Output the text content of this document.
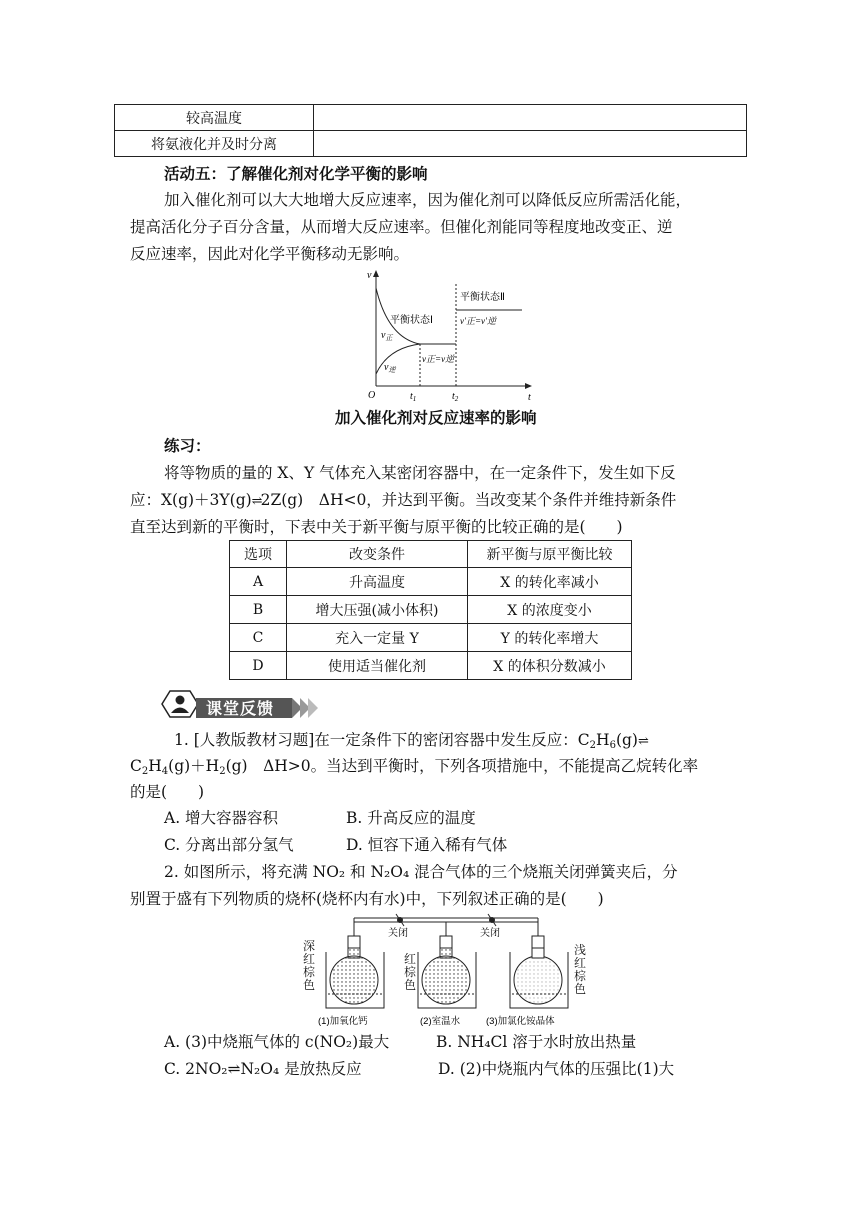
较高温度	
将氨液化并及时分离	
活动五：了解催化剂对化学平衡的影响
加入催化剂可以大大地增大反应速率，因为催化剂可以降低反应所需活化能，
提高活化分子百分含量，从而增大反应速率。但催化剂能同等程度地改变正、逆
反应速率，因此对化学平衡移动无影响。
v
t
O	$t_1$	$t_2$
平衡状态Ⅰ
平衡状态Ⅱ
$v_正$
$v_逆$
v正=v逆
v′正=v′逆
加入催化剂对反应速率的影响
练习：
将等物质的量的 X、Y 气体充入某密闭容器中，在一定条件下，发生如下反
应：X(g)＋3Y(g)⇌2Z(g)　 ΔH<0，并达到平衡。当改变某个条件并维持新条件
直至达到新的平衡时，下表中关于新平衡与原平衡的比较正确的是(　　)
选项	改变条件	新平衡与原平衡比较
A	升高温度	X 的转化率减小
B	增大压强(减小体积)	X 的浓度变小
C	充入一定量 Y	Y 的转化率增大
D	使用适当催化剂	X 的体积分数减小
课堂反馈
1. [人教版教材习题]在一定条件下的密闭容器中发生反应：$C_2H_6(g)\rightleftharpoons$
$C_2H_4(g)+H_2(g)$　ΔH>0。当达到平衡时，下列各项措施中，不能提高乙烷转化率
的是(　　)
A. 增大容器容积	B. 升高反应的温度
C. 分离出部分氢气	D. 恒容下通入稀有气体
2. 如图所示，将充满 NO₂ 和 N₂O₄ 混合气体的三个烧瓶关闭弹簧夹后，分
别置于盛有下列物质的烧杯(烧杯内有水)中，下列叙述正确的是(　　)
关闭	关闭
(1)加氧化钙	(2)室温水	(3)加氯化铵晶体
深红棕色
红棕色
浅红棕色
A. (3)中烧瓶气体的 c(NO₂)最大	B. NH₄Cl 溶于水时放出热量
C. 2NO₂⇌N₂O₄ 是放热反应	D. (2)中烧瓶内气体的压强比(1)大
